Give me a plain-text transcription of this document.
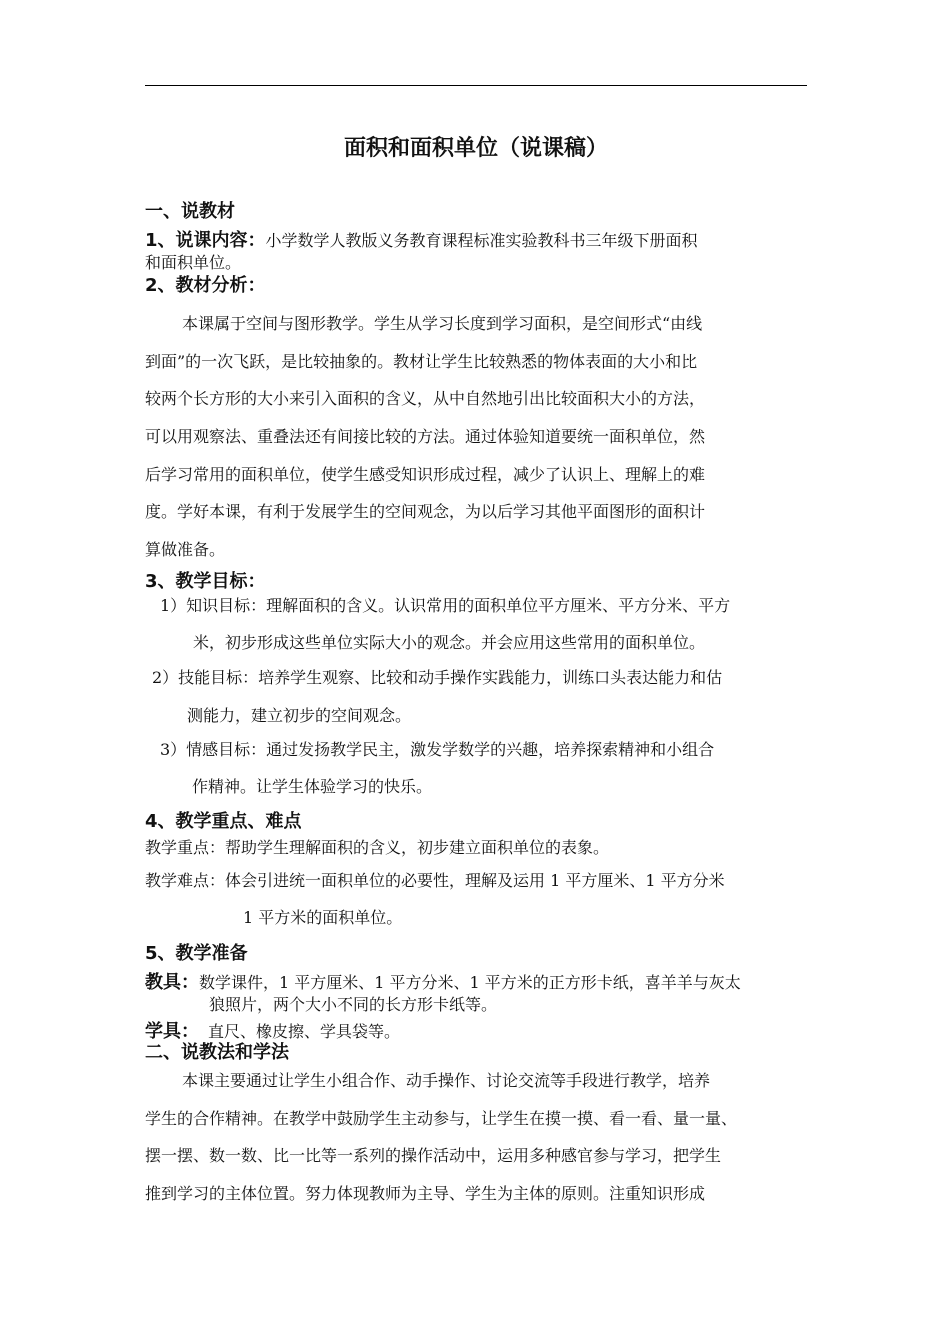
面积和面积单位（说课稿）
一、说教材
1、说课内容：小学数学人教版义务教育课程标准实验教科书三年级下册面积
和面积单位。
2、教材分析：
本课属于空间与图形教学。学生从学习长度到学习面积，是空间形式“由线
到面”的一次飞跃，是比较抽象的。教材让学生比较熟悉的物体表面的大小和比
较两个长方形的大小来引入面积的含义，从中自然地引出比较面积大小的方法，
可以用观察法、重叠法还有间接比较的方法。通过体验知道要统一面积单位，然
后学习常用的面积单位，使学生感受知识形成过程，减少了认识上、理解上的难
度。学好本课，有利于发展学生的空间观念，为以后学习其他平面图形的面积计
算做准备。
3、教学目标：
1）知识目标：理解面积的含义。认识常用的面积单位平方厘米、平方分米、平方
米，初步形成这些单位实际大小的观念。并会应用这些常用的面积单位。
2）技能目标：培养学生观察、比较和动手操作实践能力，训练口头表达能力和估
测能力，建立初步的空间观念。
3）情感目标：通过发扬教学民主，激发学数学的兴趣，培养探索精神和小组合
作精神。让学生体验学习的快乐。
4、教学重点、难点
教学重点：帮助学生理解面积的含义，初步建立面积单位的表象。
教学难点：体会引进统一面积单位的必要性，理解及运用 1 平方厘米、1 平方分米
1 平方米的面积单位。
5、教学准备
教具：数学课件，1 平方厘米、1 平方分米、1 平方米的正方形卡纸，喜羊羊与灰太
狼照片，两个大小不同的长方形卡纸等。
学具： 直尺、橡皮擦、学具袋等。
二、说教法和学法
本课主要通过让学生小组合作、动手操作、讨论交流等手段进行教学，培养
学生的合作精神。在教学中鼓励学生主动参与，让学生在摸一摸、看一看、量一量、
摆一摆、数一数、比一比等一系列的操作活动中，运用多种感官参与学习，把学生
推到学习的主体位置。努力体现教师为主导、学生为主体的原则。注重知识形成
